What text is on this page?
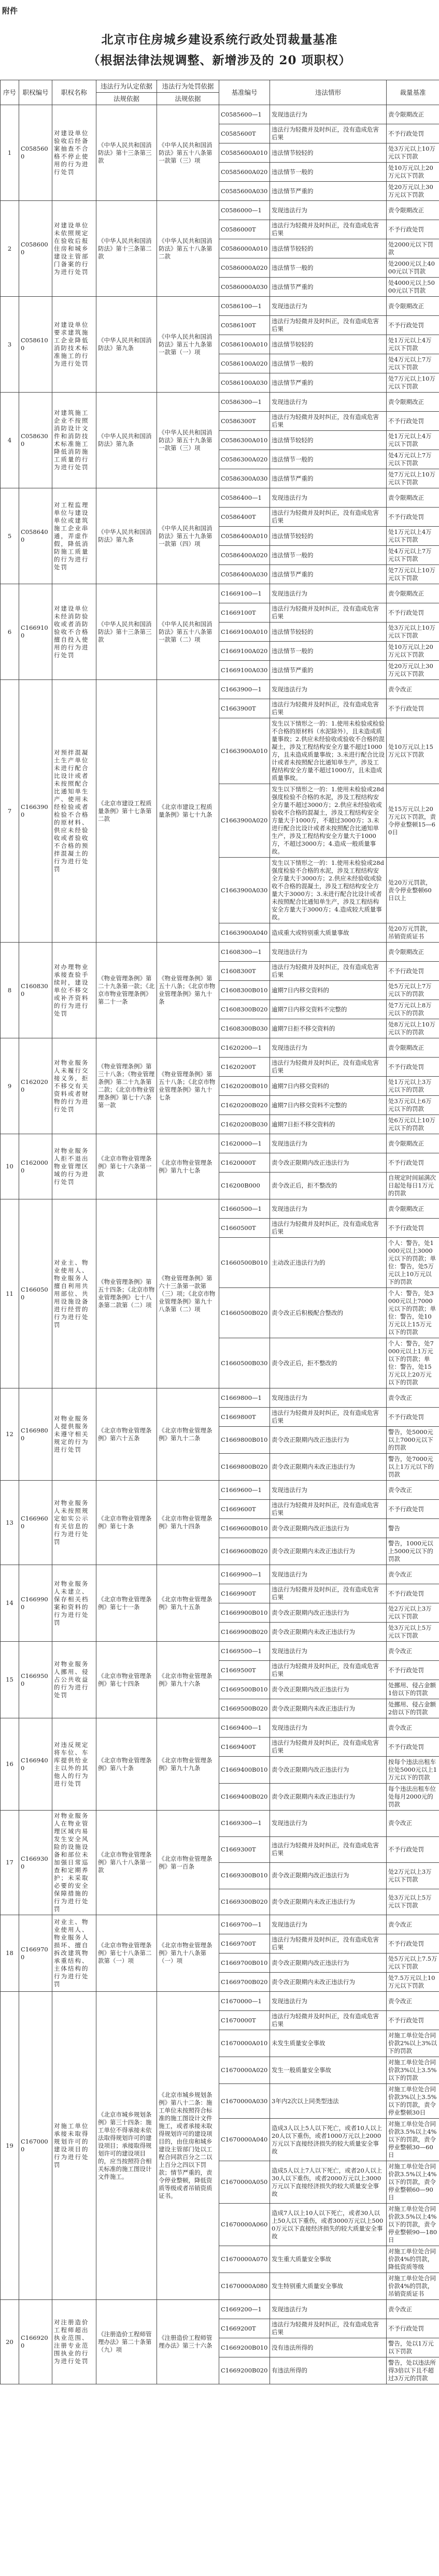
附件
北京市住房城乡建设系统行政处罚裁量基准
（根据法律法规调整、新增涉及的 20 项职权）
序号	职权编号	职权名称	违法行为认定依据	违法行为处罚依据	基准编号	违法情形	裁量基准
			法规依据	法规依据			
1	C0585600	对建设单位验收后经备案抽查不合格不停止使用的行为进行处罚	《中华人民共和国消防法》第十三条第三款	《中华人民共和国消防法》第五十八条第一款第（三）项	C0585600—1	发现违法行为	责令限期改正
					C0585600T	违法行为轻微并及时纠正，没有造成危害后果	不予行政处罚
					C0585600A010	违法情节较轻的	处3万元以上10万元以下罚款
					C0585600A020	违法情节一般的	处10万元以上20万元以下罚款
					C0585600A030	违法情节严重的	处20万元以上30万元以下罚款
2	C0586000	对建设单位未依照规定在验收后报住房和城乡建设主管部门备案的行为进行处罚	《中华人民共和国消防法》第十三条第二款	《中华人民共和国消防法》第五十八条第二款	C0586000—1	发现违法行为	责令限期改正
					C0586000T	违法行为轻微并及时纠正，没有造成危害后果	不予行政处罚
					C0586000A010	违法情节较轻的	处2000元以下罚款
					C0586000A020	违法情节一般的	处2000元以上4000元以下罚款
					C0586000A030	违法情节严重的	处4000元以上5000元以下罚款
3	C0586100	对建设单位要求建筑施工企业降低消防技术标准施工的行为进行处罚	《中华人民共和国消防法》第九条	《中华人民共和国消防法》第五十九条第一款第（一）项	C0586100—1	发现违法行为	责令限期改正
					C0586100T	违法行为轻微并及时纠正，没有造成危害后果	不予行政处罚
					C0586100A010	违法情节较轻的	处1万元以上4万元以下罚款
					C0586100A020	违法情节一般的	处4万元以上7万元以下罚款
					C0586100A030	违法情节严重的	处7万元以上10万元以下罚款
4	C0586300	对建筑施工企业不按照消防设计文件和消防技术标准施工降低消防施工质量的行为进行处罚	《中华人民共和国消防法》第九条	《中华人民共和国消防法》第五十九条第一款第（三）项	C0586300—1	发现违法行为	责令限期改正
					C0586300T	违法行为轻微并及时纠正，没有造成危害后果	不予行政处罚
					C0586300A010	违法情节较轻的	处1万元以上4万元以下罚款
					C0586300A020	违法情节一般的	处4万元以上7万元以下罚款
					C0586300A030	违法情节严重的	处7万元以上10万元以下罚款
5	C0586400	对工程监理单位与建设单位或建筑施工企业串通，弄虚作假，降低消防施工质量的行为进行处罚	《中华人民共和国消防法》第九条	《中华人民共和国消防法》第五十九条第一款第（四）项	C0586400—1	发现违法行为	责令限期改正
					C0586400T	违法行为轻微并及时纠正，没有造成危害后果	不予行政处罚
					C0586400A010	违法情节较轻的	处1万元以上4万元以下罚款
					C0586400A020	违法情节一般的	处4万元以上7万元以下罚款
					C0586400A030	违法情节严重的	处7万元以上10万元以下罚款
6	C1669100	对建设单位未经消防验收或者消防验收不合格擅自投入使用的行为进行处罚	《中华人民共和国消防法》第十三条第三款	《中华人民共和国消防法》第五十八条第一款第（二）项	C1669100—1	发现违法行为	责令限期改正
					C1669100T	违法行为轻微并及时纠正，没有造成危害后果	不予行政处罚
					C1669100A010	违法情节较轻的	处3万元以上10万元以下罚款
					C1669100A020	违法情节一般的	处10万元以上20万元以下罚款
					C1669100A030	违法情节严重的	处20万元以上30万元以下罚款
7	C1663900	对预拌混凝土生产单位未进行配合比设计或者未按照配合比通知单生产、使用未经检验或者检验不合格的原材料、供应未经验收或者验收不合格的预拌混凝土的行为进行处罚	《北京市建设工程质量条例》第十七条第二款	《北京市建设工程质量条例》第七十九条	C1663900—1	发现违法行为	责令改正
					C1663900T	违法行为轻微并及时纠正，没有造成危害后果	不予行政处罚
					C1663900A010	发生以下情形之一的：1.使用未检验或检验不合格的原材料（水泥除外），且未造成质量事故；2.供应未经验收或验收不合格的混凝土，涉及工程结构安全方量不超过1000方，且未造成质量事故；3.未进行配合比设计或者未按照配合比通知单生产，涉及工程结构安全方量不超过1000方，且未造成质量事故。	处10万元以上15万元以下罚款
					C1663900A020	发生以下情形之一的：1.使用未检验或28d强度检验不合格的水泥，涉及工程结构安全方量不超过3000方；2.供应未经验收或验收不合格的混凝土，涉及工程结构安全方量大于1000方，不超过3000方；3.未进行配合比设计或者未按照配合比通知单生产，涉及工程结构安全方量大于1000方，不超过3000方；4.造成一般质量事故。	处15万元以上20万元以下罚款，责令停业整顿15—60日
					C1663900A030	发生以下情形之一的：1.使用未检验或28d强度检验不合格的水泥，涉及工程结构安全方量大于3000方；2.供应未经验收或验收不合格的混凝土，涉及工程结构安全方量大于3000方；3.未进行配合比设计或者未按照配合比通知单生产，涉及工程结构安全方量大于3000方；4.造成较大质量事故。	处20万元罚款，责令停业整顿60日以上
					C1663900A040	造成重大或特别重大质量事故	处20万元罚款，吊销资质证书
8	C1608300	对办理物业承接查验手续时，建设单位不移交或补齐资料的行为进行处罚	《物业管理条例》第二十九条第一款；《北京市物业管理条例》第二十一条	《物业管理条例》第五十八条；《北京市物业管理条例》第九十条	C1608300—1	发现违法行为	责令限期改正
					C1608300T	违法行为轻微并及时纠正，没有造成危害后果	不予行政处罚
					C1608300B010	逾期7日内移交资料的	处5万元以上7万元以下的罚款
					C1608300B020	逾期7日内移交资料不完整的	处7万元以上8万元以下的罚款
					C1608300B030	逾期7日拒不移交资料的	处8万元以上10万元以下的罚款
9	C1620200	对物业服务人未履行交接义务，拒不移交有关资料或者财物的行为进行处罚	《物业管理条例》第三十八条；《物业管理条例》第二十九条第二款；《北京市物业管理条例》第七十六条第一款	《物业管理条例》第五十八条；《北京市物业管理条例》第九十七条	C1620200—1	发现违法行为	责令限期改正
					C1620200T	违法行为轻微并及时纠正，没有造成危害后果	不予行政处罚
					C1620200B010	逾期7日内移交资料的	处1万元以上3万元以下的罚款
					C1620200B020	逾期7日内移交资料不完整的	处3万元以上6万元以下的罚款
					C1620200B030	逾期7日拒不移交资料的	处6万元以上10万元以下的罚款
10	C1620000	对物业服务人拒不退出物业管理区域的行为进行处罚	《北京市物业管理条例》第七十六条第一款	《北京市物业管理条例》第九十七条	C1620000—1	发现违法行为	责令限期改正
					C1620000T	责令改正限期内改正违法行为	不予行政处罚
					C16200B000	责令改正后，拒不整改的	自规定时间届满次日起处每日1万元的罚款
11	C1660500	对业主、物业使用人、物业服务人擅自利用共用部位、共用设施设备进行经营的行为进行处罚	《物业管理条例》第五十四条；《北京市物业管理条例》七十八条第二款第（二）项	《物业管理条例》第六十三条第一款第（三）项；《北京市物业管理条例》第九十八条第（二）项	C1660500—1	发现违法行为	责令限期改正
					C1660500T	违法行为轻微并及时纠正，没有造成危害后果	不予行政处罚
					C1660500B010	主动改正违法行为的	个人：警告，处1000元以上3000元以下的罚款；单位：警告，处5万元以上10万元以下的罚款
					C1660500B020	责令改正后积极配合整改的	个人：警告，处3000元以上7000元以下的罚款；单位：警告，处10万元以上15万元以下的罚款
					C1660500B030	责令改正后，拒不整改的	个人：警告，处7000元以上1万元以下的罚款；单位：警告，处15万元以上20万元以下的罚款
12	C1669800	对物业服务人提供服务未遵守相关规定的行为进行处罚	《北京市物业管理条例》第六十五条	《北京市物业管理条例》第九十二条	C1669800—1	发现违法行为	责令改正
					C1669800T	违法行为轻微并及时纠正，没有造成危害后果	不予行政处罚
					C1669800B010	责令改正限期内改正违法行为	警告，处5000元以上7000元以下的罚款
					C1669800B020	责令改正限期内未改正违法行为	警告，处7000元以上1万元以下的罚款
13	C1669600	对物业服务人未按照规定如实公示有关信息的行为进行处罚	《北京市物业管理条例》第七十条	《北京市物业管理条例》第九十四条	C1669600—1	发现违法行为	责令改正
					C1669600T	违法行为轻微并及时纠正，没有造成危害后果	不予行政处罚
					C1669600B010	责令改正限期内改正违法行为	警告
					C1669600B020	责令改正限期内未改正违法行为	警告，1000元以上5000元以下的罚款
14	C1669900	对物业服务人未建立、保存相关档案和资料的行为进行处罚	《北京市物业管理条例》第七十一条	《北京市物业管理条例》第九十五条	C1669900—1	发现违法行为	责令改正
					C1669900T	违法行为轻微并及时纠正，没有造成危害后果	不予行政处罚
					C1669900B010	责令改正限期内改正违法行为	处2万元以上3万元以下罚款
					C1669900B020	责令改正限期内未改正违法行为	处3万元以上5万元以下罚款
15	C1669500	对物业服务人挪用、侵占公共收益的行为进行处罚	《北京市物业管理条例》第七十四条	《北京市物业管理条例》第九十六条	C1669500—1	发现违法行为	责令改正
					C1669500T	违法行为轻微并及时纠正，没有造成危害后果	不予行政处罚
					C1669500B010	责令改正限期内改正违法行为	处挪用、侵占金额1倍以下的罚款
					C1669500B020	责令改正限期内未改正违法行为	处挪用、侵占金额2倍以下的罚款
16	C1669400	对违反规定将车位、车库提供给业主以外的其他人的行为进行处罚	《北京市物业管理条例》第八十条	《北京市物业管理条例》第九十九条	C1669400—1	发现违法行为	责令改正
					C1669400T	违法行为轻微并及时纠正，没有造成危害后果	不予行政处罚
					C1669400B010	责令改正限期内改正违法行为	按每个违法出租车位处5000元以上1万元以下的罚款
					C1669400B020	责令改正限期内未改正违法行为	每个违法出租车位处每月2000元的罚款
17	C1669300	对物业服务人在物业管理区域内易发生安全风险的设施设备和部位未加强日常巡查和定期养护；未采取必要的安全保障措施的行为进行处罚	《北京市物业管理条例》第八十八条第一款	《北京市物业管理条例》第一百条	C1669300—1	发现违法行为	责令改正
					C1669300T	违法行为轻微并及时纠正，没有造成危害后果	不予行政处罚
					C1669300B010	责令改正限期内改正违法行为	处2万元以上3万元以下罚款
					C1669300B020	责令改正限期内未改正违法行为	处3万元以上5万元以下罚款
18	C1669700	对业主、物业使用人、物业服务人损坏、擅自拆改建筑物承重结构、主体结构的行为进行处罚	《北京市物业管理条例》第七十八条第二款第（一）项	《北京市物业管理条例》第九十八条第（一）项	C1669700—1	发现违法行为	责令改正
					C1669700T	违法行为轻微并及时纠正，没有造成危害后果	不予行政处罚
					C1669700B010	责令改正限期内改正违法行为	处5万元以上7.5万元以下罚款
					C1669700B020	责令改正限期内未改正违法行为	处7.5万元以上10万元以下罚款
19	C1670000	对施工单位承接未取得规划许可的建设项目的行为进行处罚	《北京市城乡规划条例》第三十四条：施工单位不得承接未依法取得规划许可的建设项目；承接取得规划许可的建设项目的，应当按照符合相关标准的施工图设计文件施工。	《北京市城乡规划条例》第八十二条：施工单位未按照符合标准的施工图设计文件施工，或者承接未取得规划许可的建设项目的，由住房和城乡建设主管部门处以工程合同款百分之二以上百分之四以下罚款；情节严重的，责令停业整顿，降低资质等级或者吊销资质证书。	C1670000—1	发现违法行为	责令改正
					C1670000T	违法行为轻微并及时纠正，没有造成危害后果	不予行政处罚
					C1670000A010	未发生质量安全事故	对施工单位处合同价款2%以上3%以下的罚款
					C1670000A020	发生一般质量安全事故	对施工单位处合同价款3%以上3.5%以下的罚款
					C1670000A030	3年内2次以上同类型违法	对施工单位处合同价款3%以上3.5%以下的罚款，责令停业整顿30日
					C1670000A040	造成3人以上5人以下死亡，或者10人以上20人以下重伤，或者1000万元以上2000万元以下直接经济损失的较大质量安全事故	对施工单位处合同价款3.5%以上4%以下的罚款，责令停业整顿30—60日
					C1670000A050	造成5人以上7人以下死亡，或者20人以上30人以下重伤，或者2000万元以上3000万元以下直接经济损失的较大质量安全事故	对施工单位处合同价款3.5%以上4%以下的罚款，责令停业整顿60—90日
					C1670000A060	造成7人以上10人以下死亡，或者30人以上50人以下重伤，或者3000万元以上5000万元以下直接经济损失的较大质量安全事故	对施工单位处合同价款3.5%以上4%以下的罚款，责令停业整顿90—180日
					C1670000A070	发生重大质量安全事故	对施工单位处合同价款4%的罚款，降低资质等级
					C1670000A080	发生特别重大质量安全事故	对施工单位处合同价款4%的罚款，吊销资质证书
20	C1669200	对注册造价工程师超出执业范围、注册专业范围执业的行为进行处罚	《注册造价工程师管理办法》第二十条第（九）项	《注册造价工程师管理办法》第三十六条	C1669200—1	发现违法行为	责令改正
					C1669200T	违法行为轻微并及时纠正，没有造成危害后果	不予行政处罚
					C1669200B010	没有违法所得的	警告，处以1万元以下罚款
					C1669200B020	有违法所得的	警告，处以违法所得3倍以下且不超过3万元的罚款
